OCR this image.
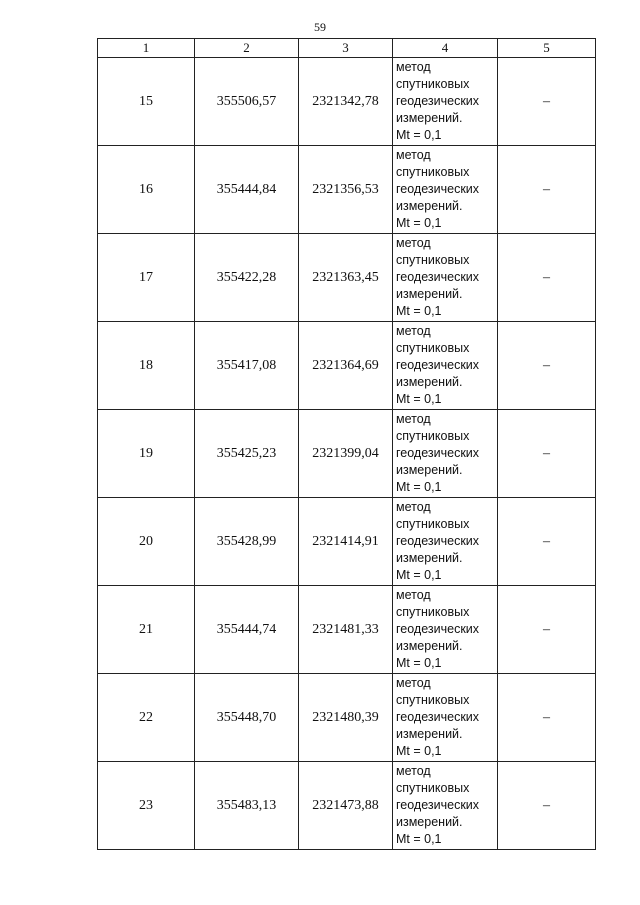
59
1	2	3	4	5
15	355506,57	2321342,78	метод
спутниковых
геодезических
измерений.
Mt = 0,1	–
16	355444,84	2321356,53	метод
спутниковых
геодезических
измерений.
Mt = 0,1	–
17	355422,28	2321363,45	метод
спутниковых
геодезических
измерений.
Mt = 0,1	–
18	355417,08	2321364,69	метод
спутниковых
геодезических
измерений.
Mt = 0,1	–
19	355425,23	2321399,04	метод
спутниковых
геодезических
измерений.
Mt = 0,1	–
20	355428,99	2321414,91	метод
спутниковых
геодезических
измерений.
Mt = 0,1	–
21	355444,74	2321481,33	метод
спутниковых
геодезических
измерений.
Mt = 0,1	–
22	355448,70	2321480,39	метод
спутниковых
геодезических
измерений.
Mt = 0,1	–
23	355483,13	2321473,88	метод
спутниковых
геодезических
измерений.
Mt = 0,1	–
